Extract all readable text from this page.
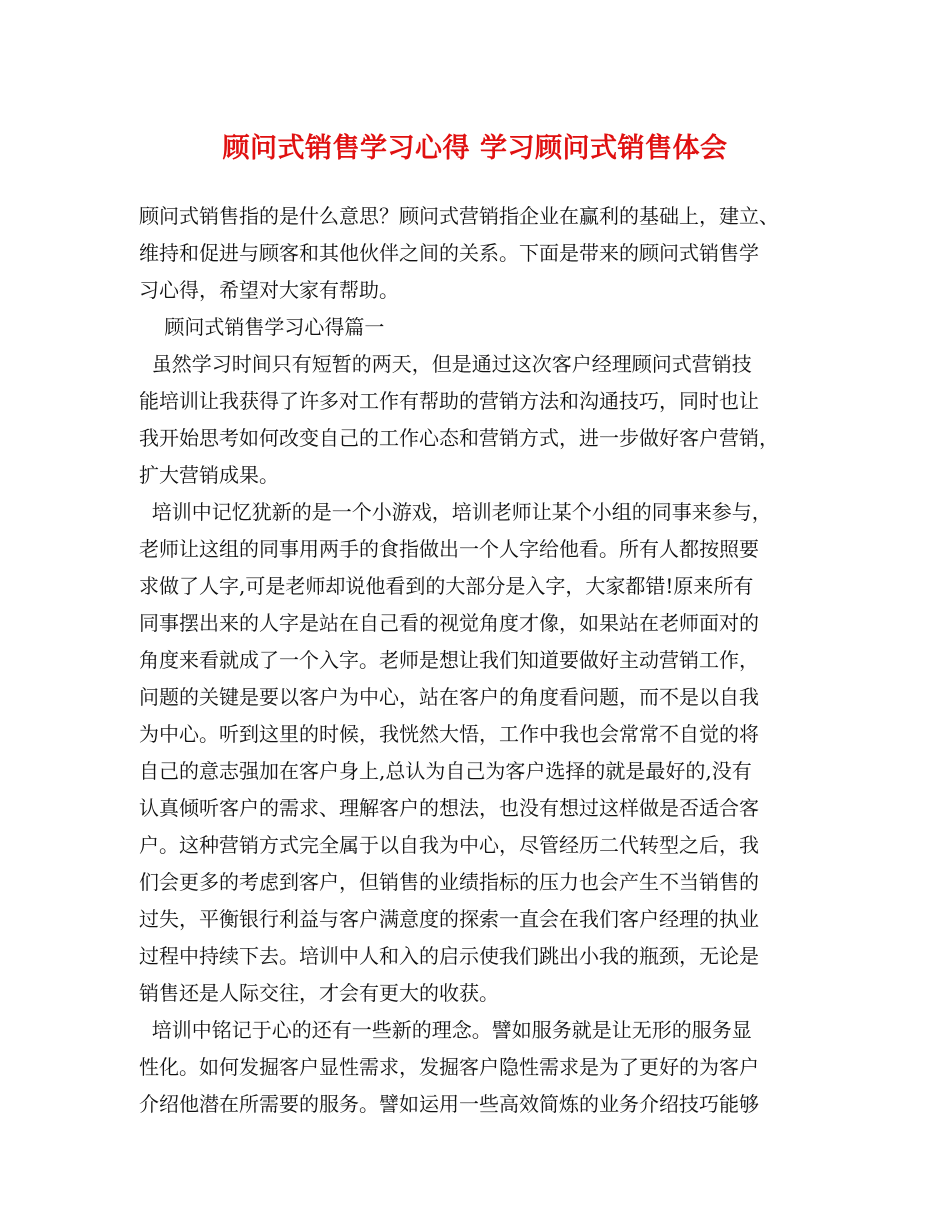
顾问式销售学习心得 学习顾问式销售体会
顾问式销售指的是什么意思？顾问式营销指企业在赢利的基础上，建立、
维持和促进与顾客和其他伙伴之间的关系。下面是带来的顾问式销售学
习心得，希望对大家有帮助。
顾问式销售学习心得篇一
虽然学习时间只有短暂的两天，但是通过这次客户经理顾问式营销技
能培训让我获得了许多对工作有帮助的营销方法和沟通技巧，同时也让
我开始思考如何改变自己的工作心态和营销方式，进一步做好客户营销，
扩大营销成果。
培训中记忆犹新的是一个小游戏，培训老师让某个小组的同事来参与，
老师让这组的同事用两手的食指做出一个人字给他看。所有人都按照要
求做了人字,可是老师却说他看到的大部分是入字，大家都错!原来所有
同事摆出来的人字是站在自己看的视觉角度才像，如果站在老师面对的
角度来看就成了一个入字。老师是想让我们知道要做好主动营销工作，
问题的关键是要以客户为中心，站在客户的角度看问题，而不是以自我
为中心。听到这里的时候，我恍然大悟，工作中我也会常常不自觉的将
自己的意志强加在客户身上,总认为自己为客户选择的就是最好的,没有
认真倾听客户的需求、理解客户的想法，也没有想过这样做是否适合客
户。这种营销方式完全属于以自我为中心，尽管经历二代转型之后，我
们会更多的考虑到客户，但销售的业绩指标的压力也会产生不当销售的
过失，平衡银行利益与客户满意度的探索一直会在我们客户经理的执业
过程中持续下去。培训中人和入的启示使我们跳出小我的瓶颈，无论是
销售还是人际交往，才会有更大的收获。
培训中铭记于心的还有一些新的理念。譬如服务就是让无形的服务显
性化。如何发掘客户显性需求，发掘客户隐性需求是为了更好的为客户
介绍他潜在所需要的服务。譬如运用一些高效简炼的业务介绍技巧能够
